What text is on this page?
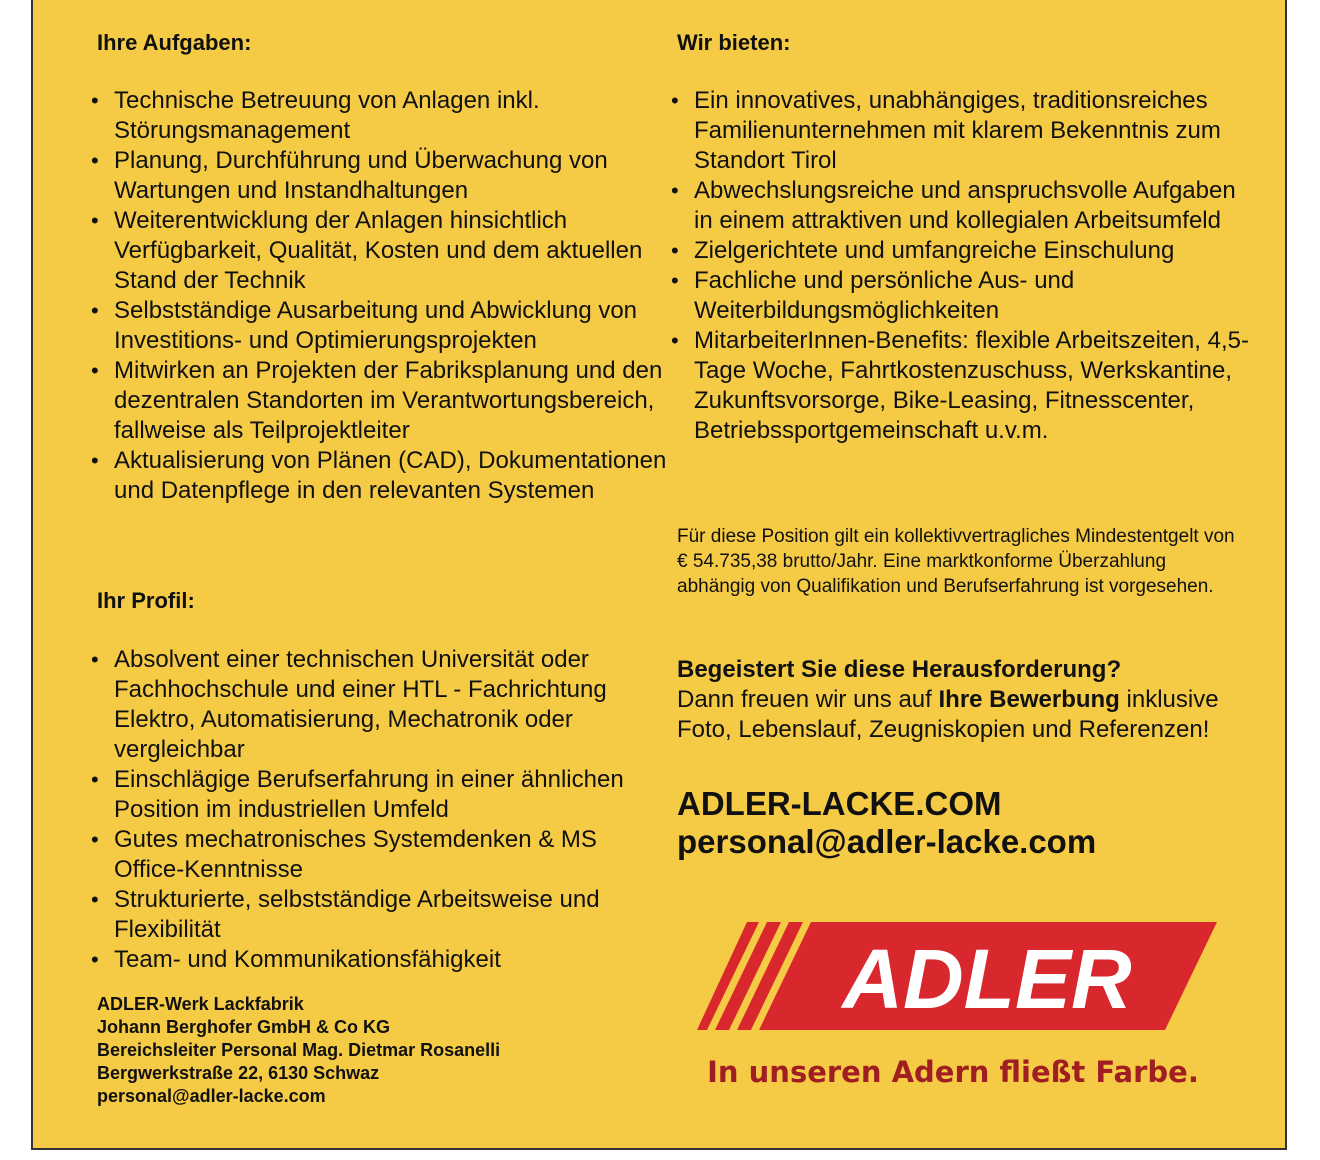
Ihre Aufgaben:
• Technische Betreuung von Anlagen inkl. Störungsmanagement
• Planung, Durchführung und Überwachung von Wartungen und Instandhaltungen
• Weiterentwicklung der Anlagen hinsichtlich Verfügbarkeit, Qualität, Kosten und dem aktuellen Stand der Technik
• Selbstständige Ausarbeitung und Abwicklung von Investitions- und Optimierungsprojekten
• Mitwirken an Projekten der Fabriksplanung und den dezentralen Standorten im Verantwortungsbereich, fallweise als Teilprojektleiter
• Aktualisierung von Plänen (CAD), Dokumentationen und Datenpflege in den relevanten Systemen
Ihr Profil:
• Absolvent einer technischen Universität oder Fachhochschule und einer HTL - Fachrichtung Elektro, Automatisierung, Mechatronik oder vergleichbar
• Einschlägige Berufserfahrung in einer ähnlichen Position im industriellen Umfeld
• Gutes mechatronisches Systemdenken & MS Office-Kenntnisse
• Strukturierte, selbstständige Arbeitsweise und Flexibilität
• Team- und Kommunikationsfähigkeit
ADLER-Werk Lackfabrik
Johann Berghofer GmbH & Co KG
Bereichsleiter Personal Mag. Dietmar Rosanelli
Bergwerkstraße 22, 6130 Schwaz
personal@adler-lacke.com
Wir bieten:
• Ein innovatives, unabhängiges, traditionsreiches Familienunternehmen mit klarem Bekenntnis zum Standort Tirol
• Abwechslungsreiche und anspruchsvolle Aufgaben in einem attraktiven und kollegialen Arbeitsumfeld
• Zielgerichtete und umfangreiche Einschulung
• Fachliche und persönliche Aus- und Weiterbildungsmöglichkeiten
• MitarbeiterInnen-Benefits: flexible Arbeitszeiten, 4,5-Tage Woche, Fahrtkostenzuschuss, Werkskantine, Zukunftsvorsorge, Bike-Leasing, Fitnesscenter, Betriebssportgemeinschaft u.v.m.
Für diese Position gilt ein kollektivvertragliches Mindestentgelt von € 54.735,38 brutto/Jahr. Eine marktkonforme Überzahlung abhängig von Qualifikation und Berufserfahrung ist vorgesehen.
Begeistert Sie diese Herausforderung?
Dann freuen wir uns auf Ihre Bewerbung inklusive Foto, Lebenslauf, Zeugniskopien und Referenzen!
ADLER-LACKE.COM
personal@adler-lacke.com
ADLER
In unseren Adern fließt Farbe.
